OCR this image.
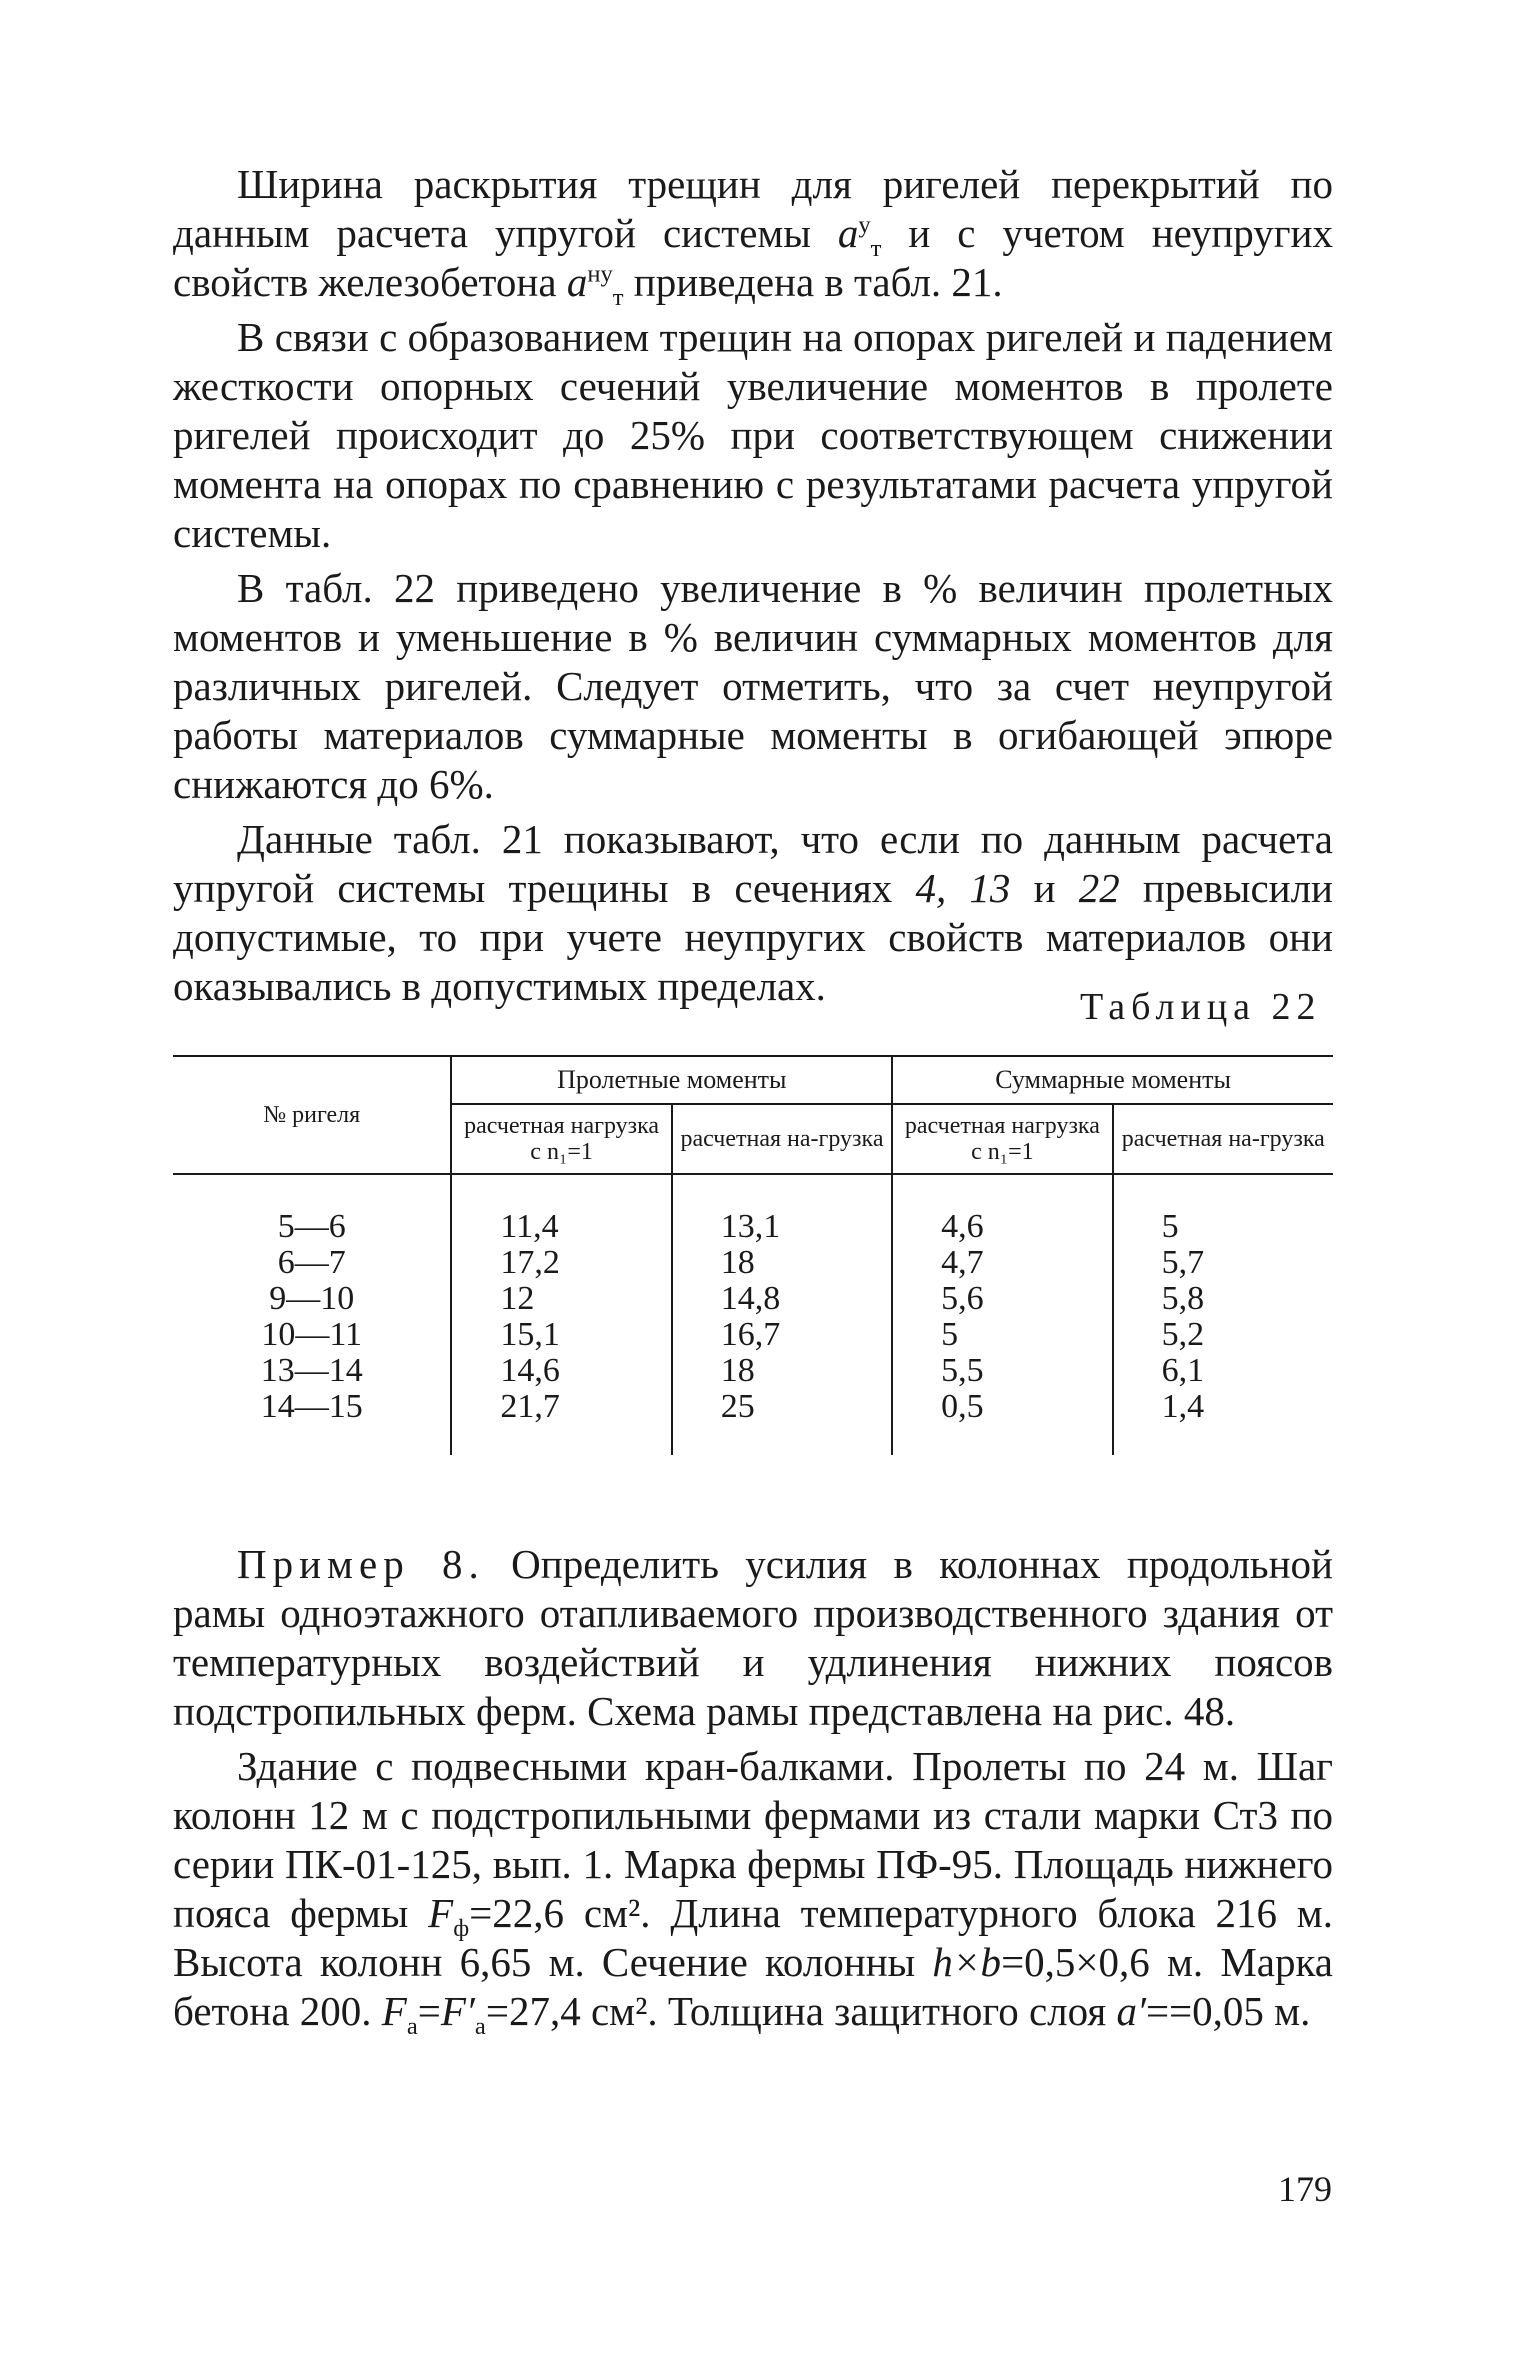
Ширина раскрытия трещин для ригелей перекрытий по данным расчета упругой системы $a^у_т$ и с учетом неупругих свойств железобетона $a^{ну}_т$ приведена в табл. 21.

В связи с образованием трещин на опорах ригелей и падением жесткости опорных сечений увеличение моментов в пролете ригелей происходит до 25% при соответствующем снижении момента на опорах по сравнению с результатами расчета упругой системы.

В табл. 22 приведено увеличение в % величин пролетных моментов и уменьшение в % величин суммарных моментов для различных ригелей. Следует отметить, что за счет неупругой работы материалов суммарные моменты в огибающей эпюре снижаются до 6%.

Данные табл. 21 показывают, что если по данным расчета упругой системы трещины в сечениях 4, 13 и 22 превысили допустимые, то при учете неупругих свойств материалов они оказывались в допустимых пределах.	Таблица 22
№ ригеля	Пролетные моменты		Суммарные моменты	
	расчетная нагрузка с n₁=1	расчетная на-грузка	расчетная нагрузка с n₁=1	расчетная на-грузка
5—6	11,4	13,1	4,6	5
6—7	17,2	18	4,7	5,7
9—10	12	14,8	5,6	5,8
10—11	15,1	16,7	5	5,2
13—14	14,6	18	5,5	6,1
14—15	21,7	25	0,5	1,4

Пример 8. Определить усилия в колоннах продольной рамы одноэтажного отапливаемого производственного здания от температурных воздействий и удлинения нижних поясов подстропильных ферм. Схема рамы представлена на рис. 48.

Здание с подвесными кран-балками. Пролеты по 24 м. Шаг колонн 12 м с подстропильными фермами из стали марки Ст3 по серии ПК-01-125, вып. 1. Марка фермы ПФ-95. Площадь нижнего пояса фермы $F_ф=22,6$ см². Длина температурного блока 216 м. Высота колонн 6,65 м. Сечение колонны h×b=0,5×0,6 м. Марка бетона 200. $F_а=F'_а=27,4$ см². Толщина защитного слоя a′==0,05 м.

179
